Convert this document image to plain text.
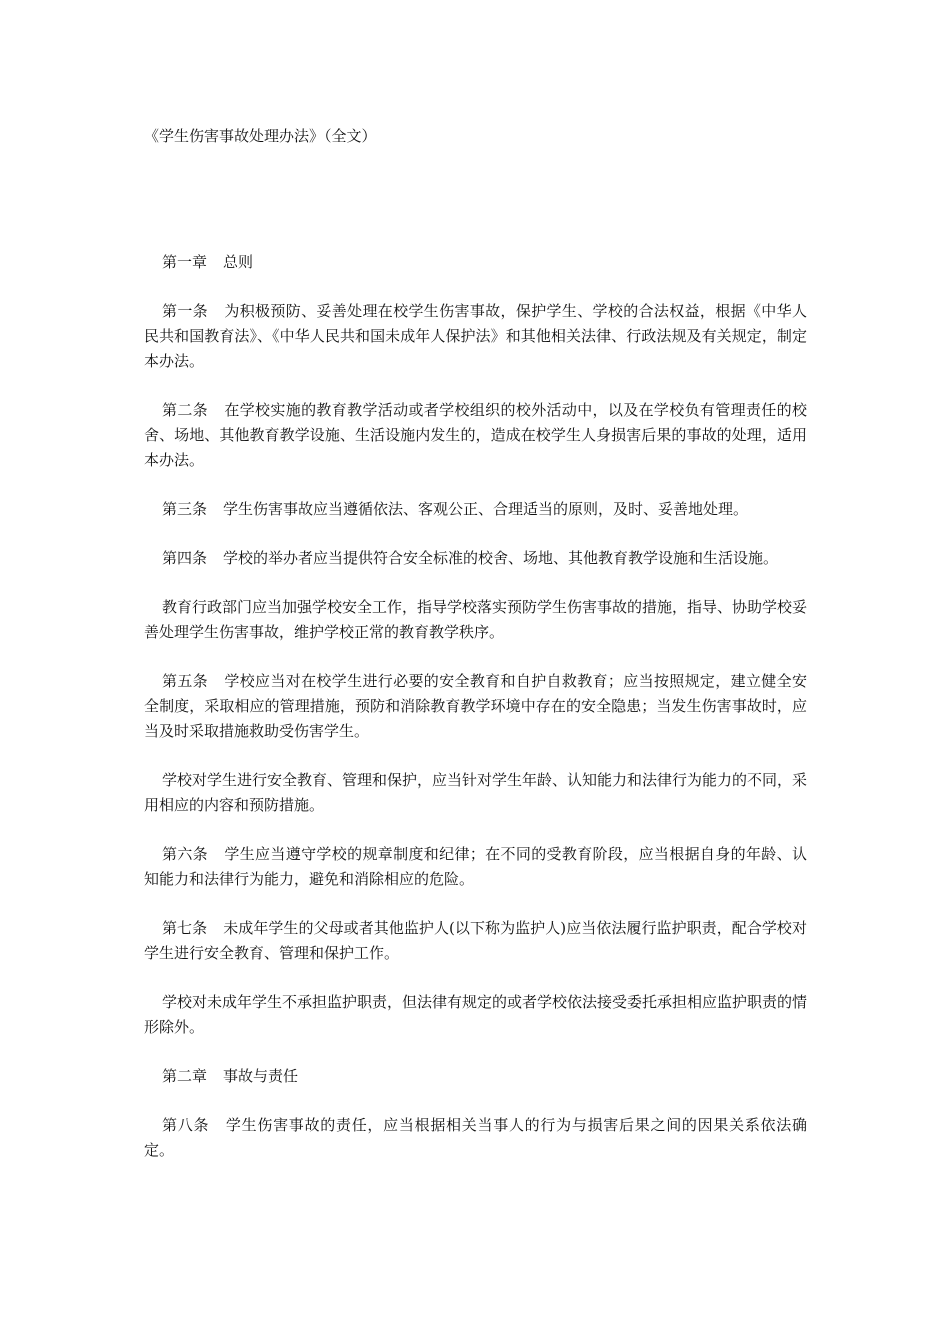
《学生伤害事故处理办法》（全文）

第一章 总则

第一条 为积极预防、妥善处理在校学生伤害事故，保护学生、学校的合法权益，根据《中华人民共和国教育法》、《中华人民共和国未成年人保护法》和其他相关法律、行政法规及有关规定，制定本办法。

第二条 在学校实施的教育教学活动或者学校组织的校外活动中，以及在学校负有管理责任的校舍、场地、其他教育教学设施、生活设施内发生的，造成在校学生人身损害后果的事故的处理，适用本办法。

第三条 学生伤害事故应当遵循依法、客观公正、合理适当的原则，及时、妥善地处理。

第四条 学校的举办者应当提供符合安全标准的校舍、场地、其他教育教学设施和生活设施。

教育行政部门应当加强学校安全工作，指导学校落实预防学生伤害事故的措施，指导、协助学校妥善处理学生伤害事故，维护学校正常的教育教学秩序。

第五条 学校应当对在校学生进行必要的安全教育和自护自救教育；应当按照规定，建立健全安全制度，采取相应的管理措施，预防和消除教育教学环境中存在的安全隐患；当发生伤害事故时，应当及时采取措施救助受伤害学生。

学校对学生进行安全教育、管理和保护，应当针对学生年龄、认知能力和法律行为能力的不同，采用相应的内容和预防措施。

第六条 学生应当遵守学校的规章制度和纪律；在不同的受教育阶段，应当根据自身的年龄、认知能力和法律行为能力，避免和消除相应的危险。

第七条 未成年学生的父母或者其他监护人(以下称为监护人)应当依法履行监护职责，配合学校对学生进行安全教育、管理和保护工作。

学校对未成年学生不承担监护职责，但法律有规定的或者学校依法接受委托承担相应监护职责的情形除外。

第二章 事故与责任

第八条 学生伤害事故的责任，应当根据相关当事人的行为与损害后果之间的因果关系依法确定。
